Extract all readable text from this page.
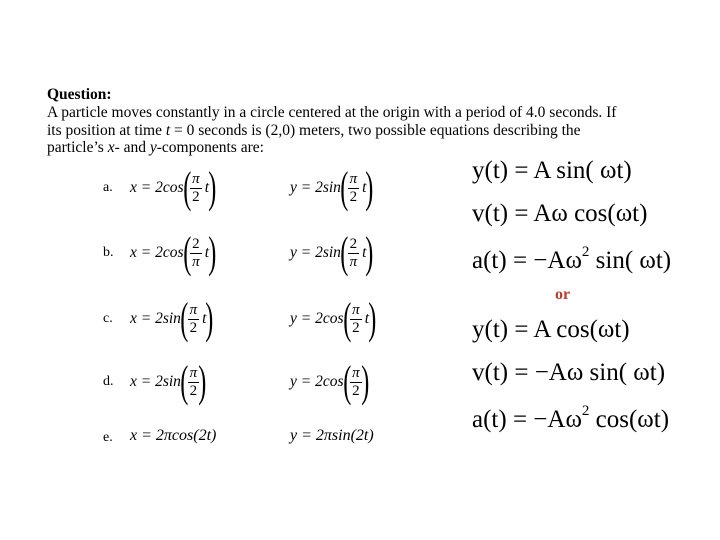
Question:
A particle moves constantly in a circle centered at the origin with a period of 4.0 seconds. If
its position at time t = 0 seconds is (2,0) meters, two possible equations describing the
particle’s x- and y-components are:
a. x = 2cos ( $\frac{\pi}{2}$ t )	y = 2sin ( $\frac{\pi}{2}$ t )
b. x = 2cos ( $\frac{2}{\pi}$ t )	y = 2sin ( $\frac{2}{\pi}$ t )
c. x = 2sin ( $\frac{\pi}{2}$ t )	y = 2cos ( $\frac{\pi}{2}$ t )
d. x = 2sin ( $\frac{\pi}{2}$ )	y = 2cos ( $\frac{\pi}{2}$ )
e. x = 2πcos(2t)	y = 2πsin(2t)
y(t) = A sin( ωt)
v(t) = Aω cos(ωt)
$a(t) = -A\omega^2$ sin( ωt)
or
y(t) = A cos(ωt)
v(t) = −Aω sin( ωt)
$a(t) = -A\omega^2$ cos(ωt)
